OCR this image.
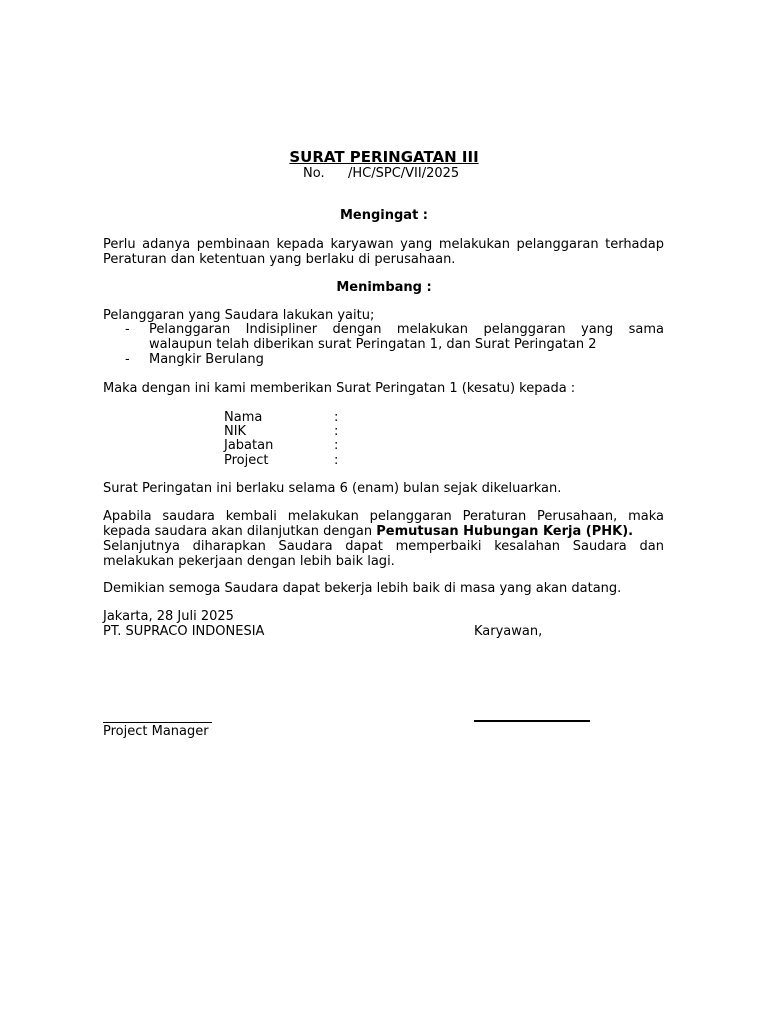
SURAT PERINGATAN III
No. /HC/SPC/VII/2025
Mengingat :
Perlu adanya pembinaan kepada karyawan yang melakukan pelanggaran terhadap
Peraturan dan ketentuan yang berlaku di perusahaan.
Menimbang :
Pelanggaran yang Saudara lakukan yaitu;
- Pelanggaran Indisipliner dengan melakukan pelanggaran yang sama
walaupun telah diberikan surat Peringatan 1, dan Surat Peringatan 2
- Mangkir Berulang
Maka dengan ini kami memberikan Surat Peringatan 1 (kesatu) kepada :
Nama	:
NIK	:
Jabatan	:
Project	:
Surat Peringatan ini berlaku selama 6 (enam) bulan sejak dikeluarkan.
Apabila saudara kembali melakukan pelanggaran Peraturan Perusahaan, maka
kepada saudara akan dilanjutkan dengan Pemutusan Hubungan Kerja (PHK).
Selanjutnya diharapkan Saudara dapat memperbaiki kesalahan Saudara dan
melakukan pekerjaan dengan lebih baik lagi.
Demikian semoga Saudara dapat bekerja lebih baik di masa yang akan datang.
Jakarta, 28 Juli 2025
PT. SUPRACO INDONESIA	Karyawan,
Project Manager
